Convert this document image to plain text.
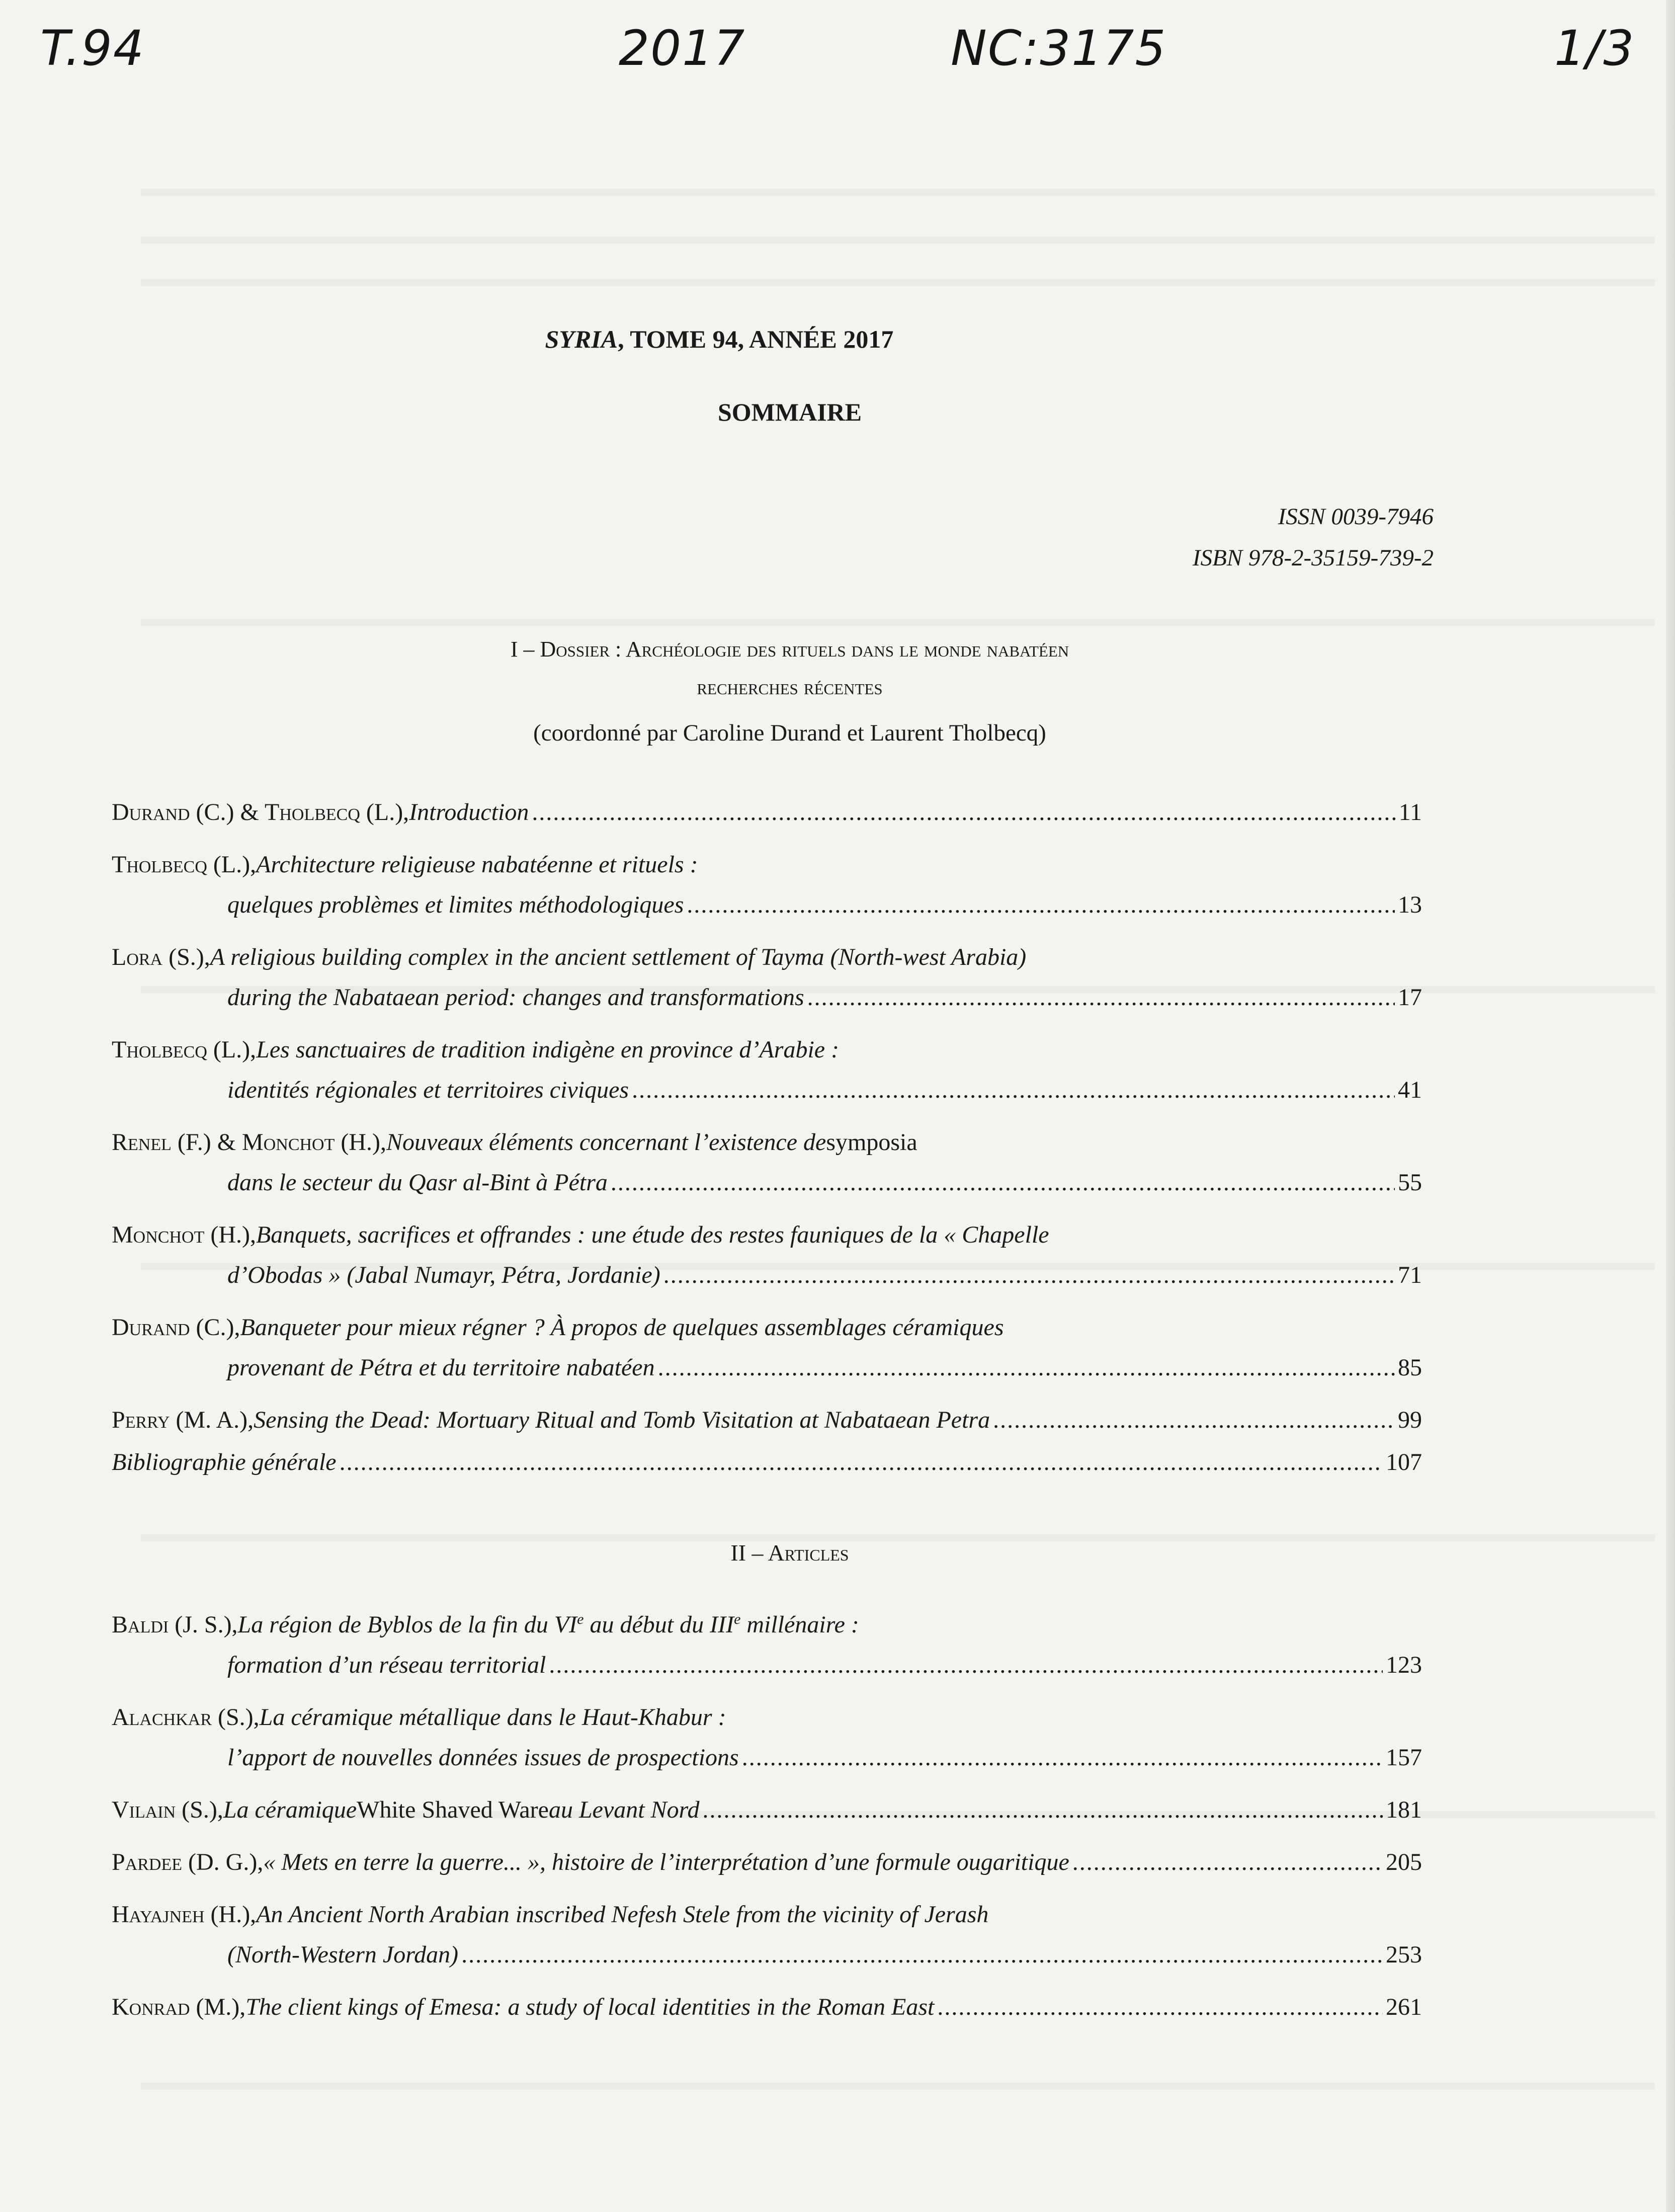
T.94	2017	NC:3175	1/3
SYRIA, TOME 94, ANNÉE 2017
SOMMAIRE
ISSN 0039-7946
ISBN 978-2-35159-739-2
I – Dossier : Archéologie des rituels dans le monde nabatéen
recherches récentes
(coordonné par Caroline Durand et Laurent Tholbecq)
Durand (C.) & Tholbecq (L.), Introduction .....	11
Tholbecq (L.), Architecture religieuse nabatéenne et rituels :
quelques problèmes et limites méthodologiques .....	13
Lora (S.), A religious building complex in the ancient settlement of Tayma (North-west Arabia)
during the Nabataean period: changes and transformations .....	17
Tholbecq (L.), Les sanctuaires de tradition indigène en province d’Arabie :
identités régionales et territoires civiques .....	41
Renel (F.) & Monchot (H.), Nouveaux éléments concernant l’existence de symposia
dans le secteur du Qasr al-Bint à Pétra .....	55
Monchot (H.), Banquets, sacrifices et offrandes : une étude des restes fauniques de la « Chapelle
d’Obodas » (Jabal Numayr, Pétra, Jordanie) .....	71
Durand (C.), Banqueter pour mieux régner ? À propos de quelques assemblages céramiques
provenant de Pétra et du territoire nabatéen .....	85
Perry (M. A.), Sensing the Dead: Mortuary Ritual and Tomb Visitation at Nabataean Petra .....	99
Bibliographie générale .....	107
II – Articles
Baldi (J. S.), La région de Byblos de la fin du VIe au début du IIIe millénaire :
formation d’un réseau territorial .....	123
Alachkar (S.), La céramique métallique dans le Haut-Khabur :
l’apport de nouvelles données issues de prospections .....	157
Vilain (S.), La céramique White Shaved Ware au Levant Nord .....	181
Pardee (D. G.), « Mets en terre la guerre... », histoire de l’interprétation d’une formule ougaritique .....	205
Hayajneh (H.), An Ancient North Arabian inscribed Nefesh Stele from the vicinity of Jerash
(North-Western Jordan) .....	253
Konrad (M.), The client kings of Emesa: a study of local identities in the Roman East .....	261
